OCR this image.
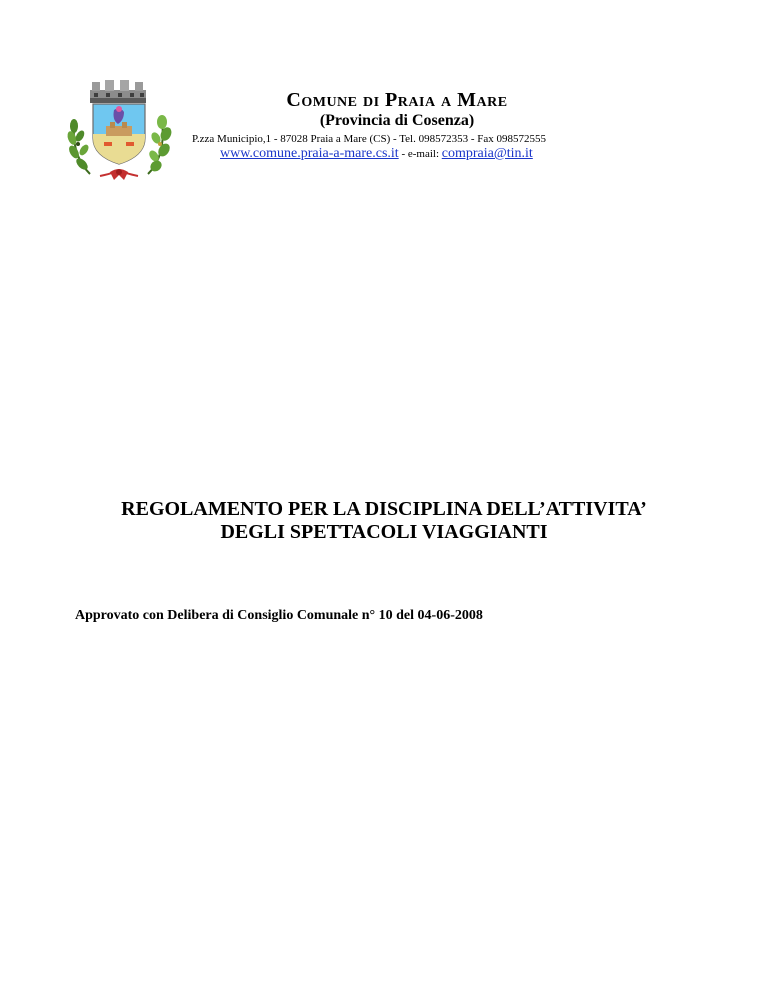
Comune di Praia a Mare
(Provincia di Cosenza)
P.zza Municipio,1 - 87028 Praia a Mare (CS) - Tel. 098572353 - Fax 098572555
www.comune.praia-a-mare.cs.it - e-mail: compraia@tin.it
REGOLAMENTO PER LA DISCIPLINA DELL’ATTIVITA’
DEGLI SPETTACOLI VIAGGIANTI
Approvato con Delibera di Consiglio Comunale n° 10 del 04-06-2008
